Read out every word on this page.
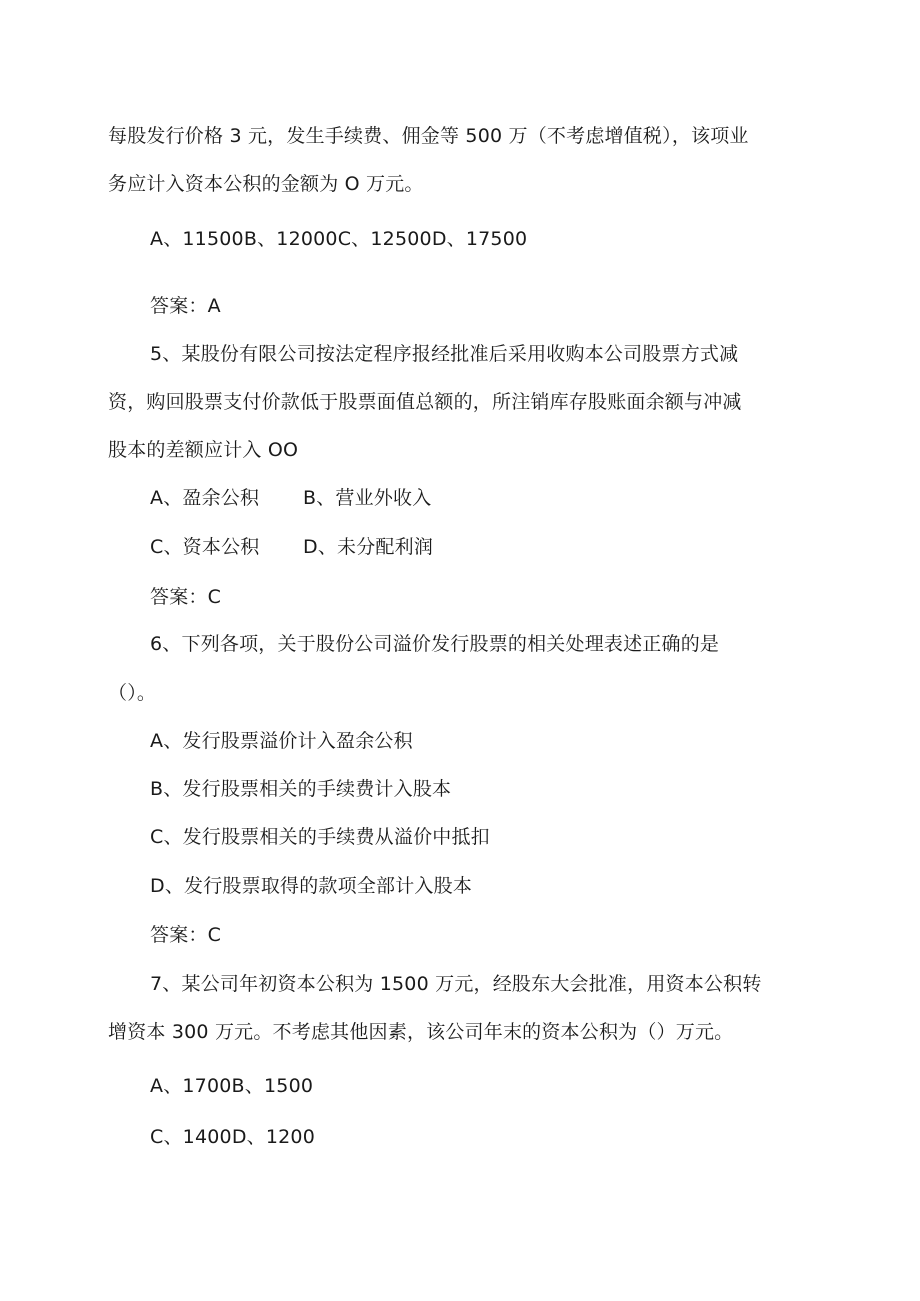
每股发行价格 3 元，发生手续费、佣金等 500 万（不考虑增值税），该项业
务应计入资本公积的金额为 O 万元。
A、11500B、12000C、12500D、17500
答案：A
5、某股份有限公司按法定程序报经批准后采用收购本公司股票方式减
资，购回股票支付价款低于股票面值总额的，所注销库存股账面余额与冲减
股本的差额应计入 OO
A、盈余公积 B、营业外收入
C、资本公积 D、未分配利润
答案：C
6、下列各项，关于股份公司溢价发行股票的相关处理表述正确的是
（）。
A、发行股票溢价计入盈余公积
B、发行股票相关的手续费计入股本
C、发行股票相关的手续费从溢价中抵扣
D、发行股票取得的款项全部计入股本
答案：C
7、某公司年初资本公积为 1500 万元，经股东大会批准，用资本公积转
增资本 300 万元。不考虑其他因素，该公司年末的资本公积为（）万元。
A、1700B、1500
C、1400D、1200
